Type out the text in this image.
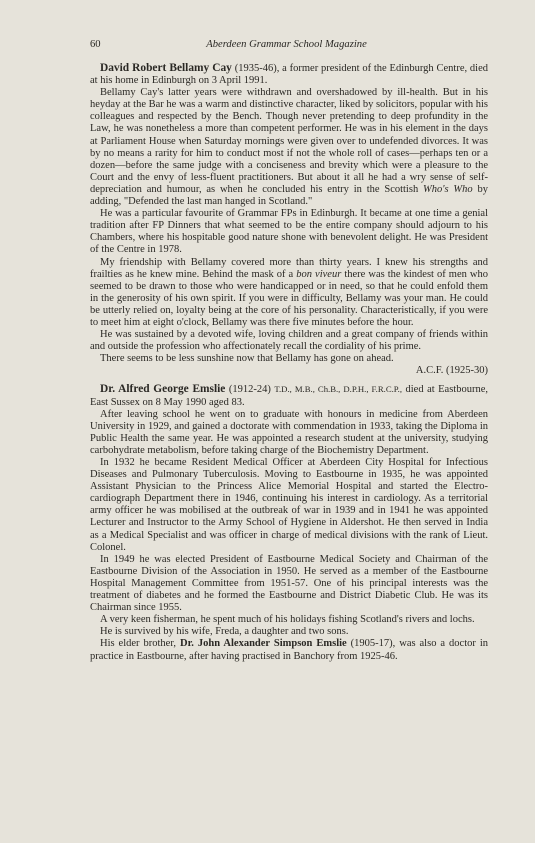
60	Aberdeen Grammar School Magazine

David Robert Bellamy Cay (1935-46), a former president of the Edinburgh Centre, died at his home in Edinburgh on 3 April 1991.

Bellamy Cay's latter years were withdrawn and overshadowed by ill-health. But in his heyday at the Bar he was a warm and distinctive character, liked by solicitors, popular with his colleagues and respected by the Bench. Though never pretending to deep profundity in the Law, he was nonetheless a more than competent performer. He was in his element in the days at Parliament House when Saturday mornings were given over to undefended divorces. It was by no means a rarity for him to conduct most if not the whole roll of cases—perhaps ten or a dozen—before the same judge with a conciseness and brevity which were a pleasure to the Court and the envy of less-fluent practitioners. But about it all he had a wry sense of self-depreciation and humour, as when he concluded his entry in the Scottish Who's Who by adding, "Defended the last man hanged in Scotland."

He was a particular favourite of Grammar FPs in Edinburgh. It became at one time a genial tradition after FP Dinners that what seemed to be the entire company should adjourn to his Chambers, where his hospitable good nature shone with benevolent delight. He was President of the Centre in 1978.

My friendship with Bellamy covered more than thirty years. I knew his strengths and frailties as he knew mine. Behind the mask of a bon viveur there was the kindest of men who seemed to be drawn to those who were handicapped or in need, so that he could enfold them in the generosity of his own spirit. If you were in difficulty, Bellamy was your man. He could be utterly relied on, loyalty being at the core of his personality. Characteristically, if you were to meet him at eight o'clock, Bellamy was there five minutes before the hour.

He was sustained by a devoted wife, loving children and a great company of friends within and outside the profession who affectionately recall the cordiality of his prime.

There seems to be less sunshine now that Bellamy has gone on ahead.

A.C.F. (1925-30)

Dr. Alfred George Emslie (1912-24) T.D., M.B., Ch.B., D.P.H., F.R.C.P., died at Eastbourne, East Sussex on 8 May 1990 aged 83.

After leaving school he went on to graduate with honours in medicine from Aberdeen University in 1929, and gained a doctorate with commendation in 1933, taking the Diploma in Public Health the same year. He was appointed a research student at the university, studying carbohydrate metabolism, before taking charge of the Biochemistry Department.

In 1932 he became Resident Medical Officer at Aberdeen City Hospital for Infectious Diseases and Pulmonary Tuberculosis. Moving to Eastbourne in 1935, he was appointed Assistant Physician to the Princess Alice Memorial Hospital and started the Electro-cardiograph Department there in 1946, continuing his interest in cardiology. As a territorial army officer he was mobilised at the outbreak of war in 1939 and in 1941 he was appointed Lecturer and Instructor to the Army School of Hygiene in Aldershot. He then served in India as a Medical Specialist and was officer in charge of medical divisions with the rank of Lieut. Colonel.

In 1949 he was elected President of Eastbourne Medical Society and Chairman of the Eastbourne Division of the Association in 1950. He served as a member of the Eastbourne Hospital Management Committee from 1951-57. One of his principal interests was the treatment of diabetes and he formed the Eastbourne and District Diabetic Club. He was its Chairman since 1955.

A very keen fisherman, he spent much of his holidays fishing Scotland's rivers and lochs.

He is survived by his wife, Freda, a daughter and two sons.

His elder brother, Dr. John Alexander Simpson Emslie (1905-17), was also a doctor in practice in Eastbourne, after having practised in Banchory from 1925-46.
